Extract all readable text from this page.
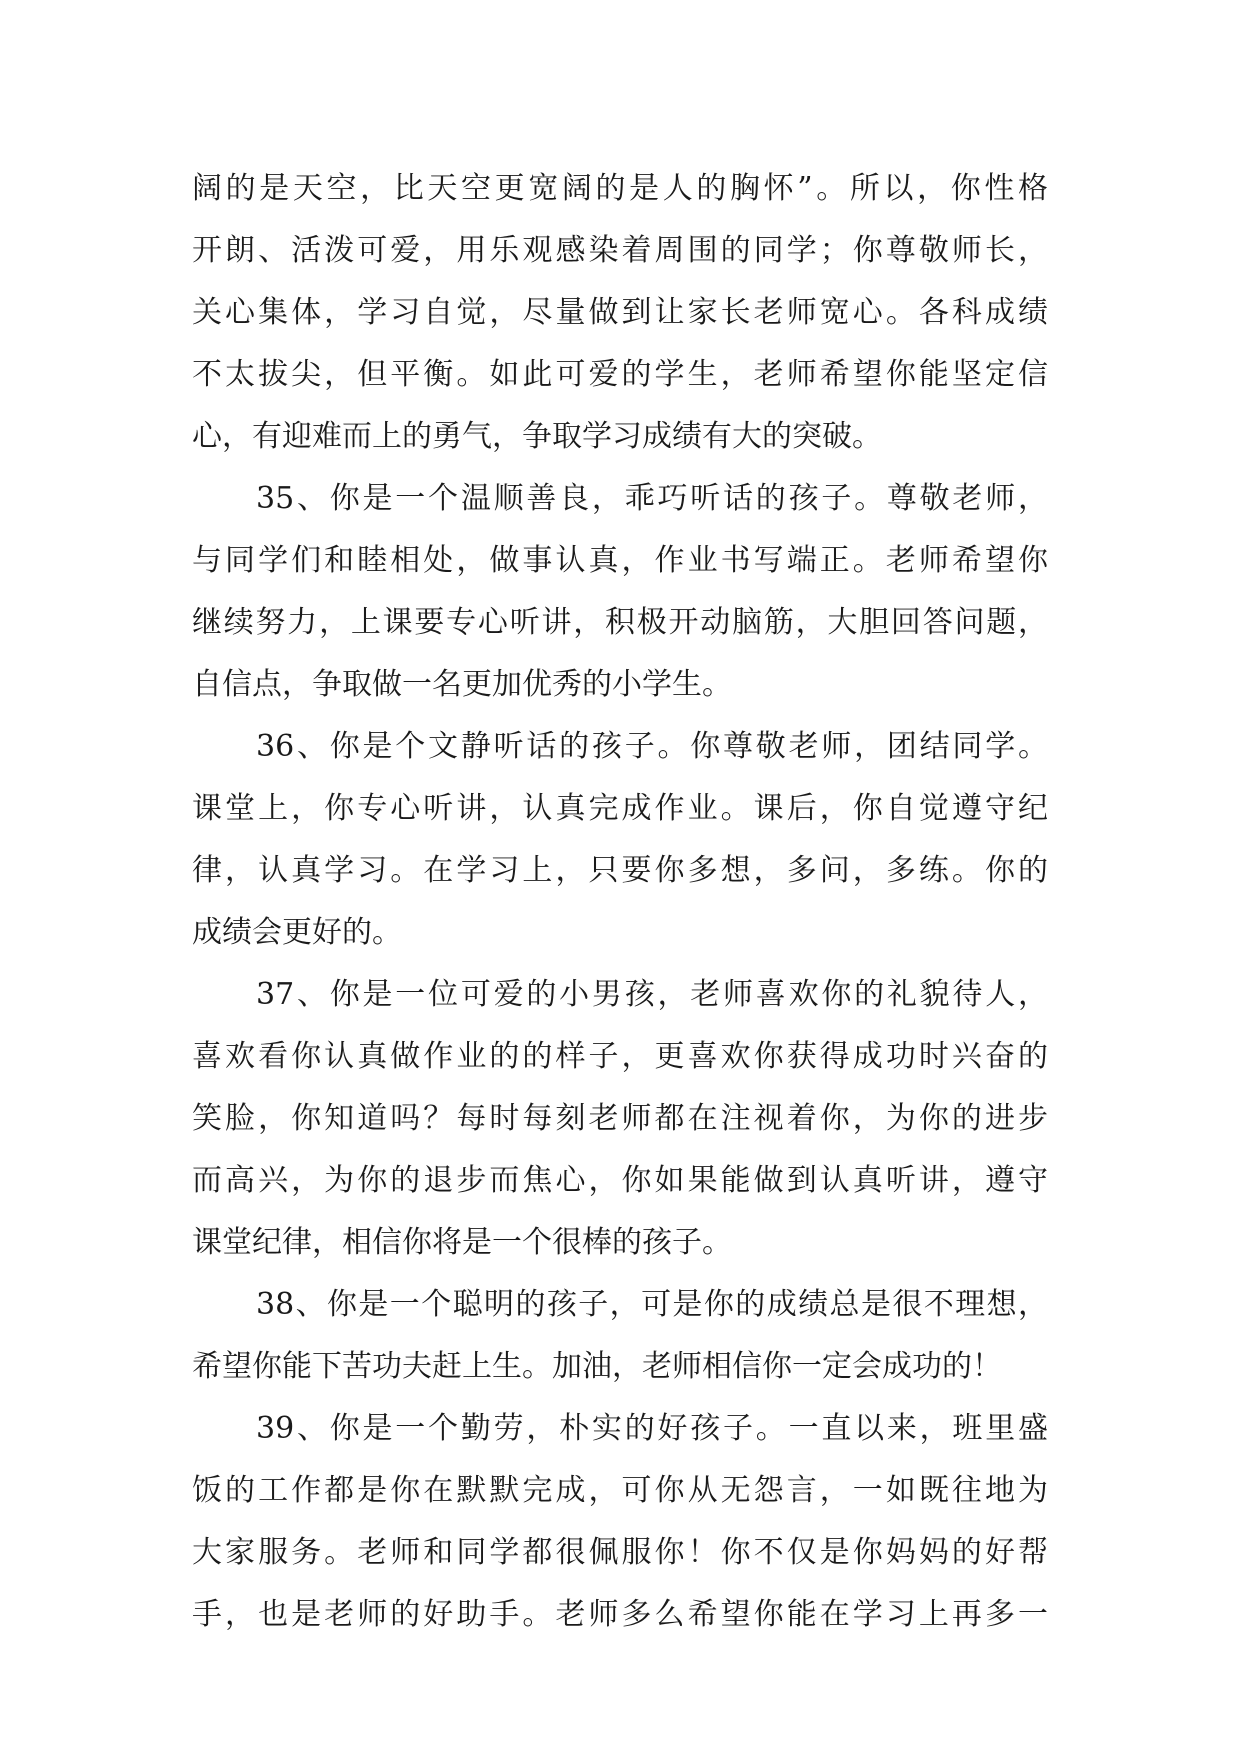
阔的是天空，比天空更宽阔的是人的胸怀”。所以，你性格
开朗、活泼可爱，用乐观感染着周围的同学；你尊敬师长，
关心集体，学习自觉，尽量做到让家长老师宽心。各科成绩
不太拔尖，但平衡。如此可爱的学生，老师希望你能坚定信
心，有迎难而上的勇气，争取学习成绩有大的突破。
35、你是一个温顺善良，乖巧听话的孩子。尊敬老师，
与同学们和睦相处，做事认真，作业书写端正。老师希望你
继续努力，上课要专心听讲，积极开动脑筋，大胆回答问题，
自信点，争取做一名更加优秀的小学生。
36、你是个文静听话的孩子。你尊敬老师，团结同学。
课堂上，你专心听讲，认真完成作业。课后，你自觉遵守纪
律，认真学习。在学习上，只要你多想，多问，多练。你的
成绩会更好的。
37、你是一位可爱的小男孩，老师喜欢你的礼貌待人，
喜欢看你认真做作业的的样子，更喜欢你获得成功时兴奋的
笑脸，你知道吗？每时每刻老师都在注视着你，为你的进步
而高兴，为你的退步而焦心，你如果能做到认真听讲，遵守
课堂纪律，相信你将是一个很棒的孩子。
38、你是一个聪明的孩子，可是你的成绩总是很不理想，
希望你能下苦功夫赶上生。加油，老师相信你一定会成功的！
39、你是一个勤劳，朴实的好孩子。一直以来，班里盛
饭的工作都是你在默默完成，可你从无怨言，一如既往地为
大家服务。老师和同学都很佩服你！你不仅是你妈妈的好帮
手，也是老师的好助手。老师多么希望你能在学习上再多一
